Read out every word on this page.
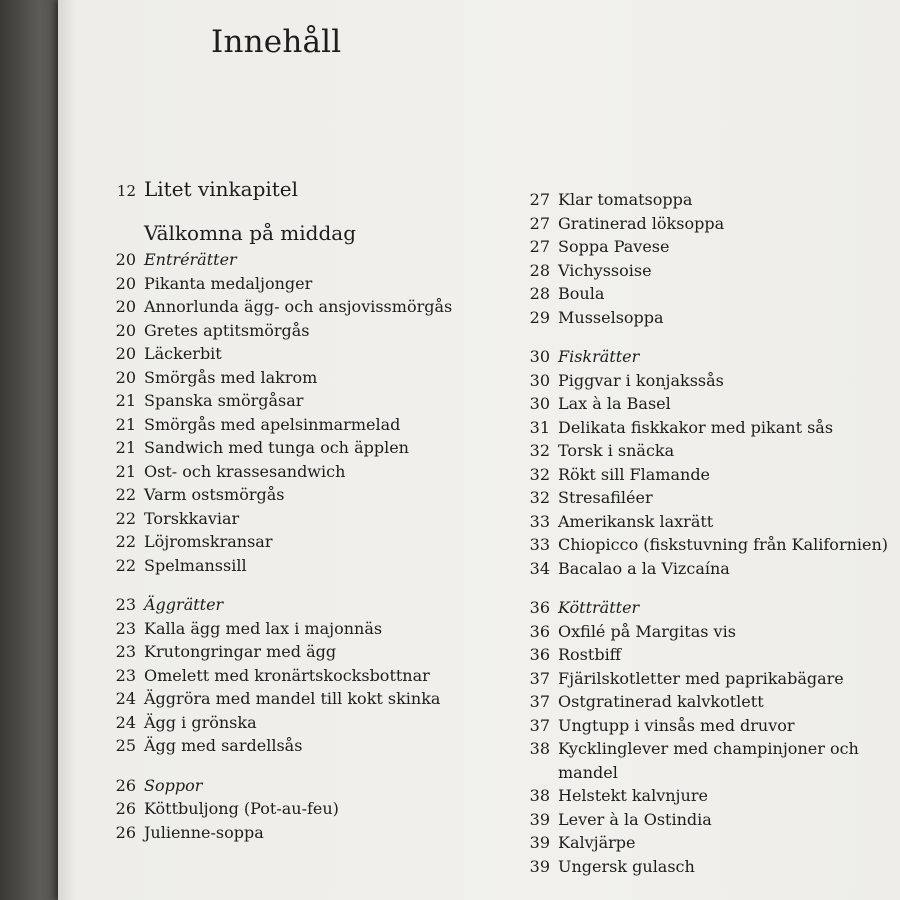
Innehåll
12 Litet vinkapitel
Välkomna på middag
20 Entrérätter
20 Pikanta medaljonger
20 Annorlunda ägg- och ansjovissmörgås
20 Gretes aptitsmörgås
20 Läckerbit
20 Smörgås med lakrom
21 Spanska smörgåsar
21 Smörgås med apelsinmarmelad
21 Sandwich med tunga och äpplen
21 Ost- och krassesandwich
22 Varm ostsmörgås
22 Torskkaviar
22 Löjromskransar
22 Spelmanssill
23 Äggrätter
23 Kalla ägg med lax i majonnäs
23 Krutongringar med ägg
23 Omelett med kronärtskocksbottnar
24 Äggröra med mandel till kokt skinka
24 Ägg i grönska
25 Ägg med sardellsås
26 Soppor
26 Köttbuljong (Pot-au-feu)
26 Julienne-soppa
27 Klar tomatsoppa
27 Gratinerad löksoppa
27 Soppa Pavese
28 Vichyssoise
28 Boula
29 Musselsoppa
30 Fiskrätter
30 Piggvar i konjakssås
30 Lax à la Basel
31 Delikata fiskkakor med pikant sås
32 Torsk i snäcka
32 Rökt sill Flamande
32 Stresafiléer
33 Amerikansk laxrätt
33 Chiopicco (fiskstuvning från Kalifornien)
34 Bacalao a la Vizcaína
36 Kötträtter
36 Oxfilé på Margitas vis
36 Rostbiff
37 Fjärilskotletter med paprikabägare
37 Ostgratinerad kalvkotlett
37 Ungtupp i vinsås med druvor
38 Kycklinglever med champinjoner och mandel
38 Helstekt kalvnjure
39 Lever à la Ostindia
39 Kalvjärpe
39 Ungersk gulasch
